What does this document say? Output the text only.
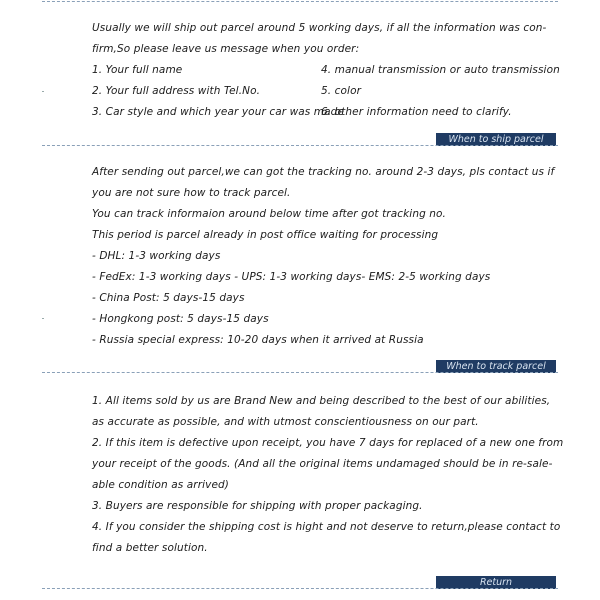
Usually we will ship out parcel around 5 working days, if all the information was con-
firm,So please leave us message when you order:
1. Your full name
2. Your full address with Tel.No.
3. Car style and which year your car was made
4. manual transmission or auto transmission
5. color
6. other information need to clarify.
When to ship parcel
After sending out parcel,we can got the tracking no. around 2-3 days, pls contact us if
you are not sure how to track parcel.
You can track informaion around below time after got tracking no.
This period is parcel already in post office waiting for processing
- DHL: 1-3 working days
- FedEx: 1-3 working days - UPS: 1-3 working days- EMS: 2-5 working days
- China Post: 5 days-15 days
- Hongkong post: 5 days-15 days
- Russia special express: 10-20 days when it arrived at Russia
When to track parcel
1. All items sold by us are Brand New and being described to the best of our abilities,
as accurate as possible, and with utmost conscientiousness on our part.
2. If this item is defective upon receipt, you have 7 days for replaced of a new one from
your receipt of the goods. (And all the original items undamaged should be in re-sale-
able condition as arrived)
3. Buyers are responsible for shipping with proper packaging.
4. If you consider the shipping cost is hight and not deserve to return,please contact to
find a better solution.
Return
